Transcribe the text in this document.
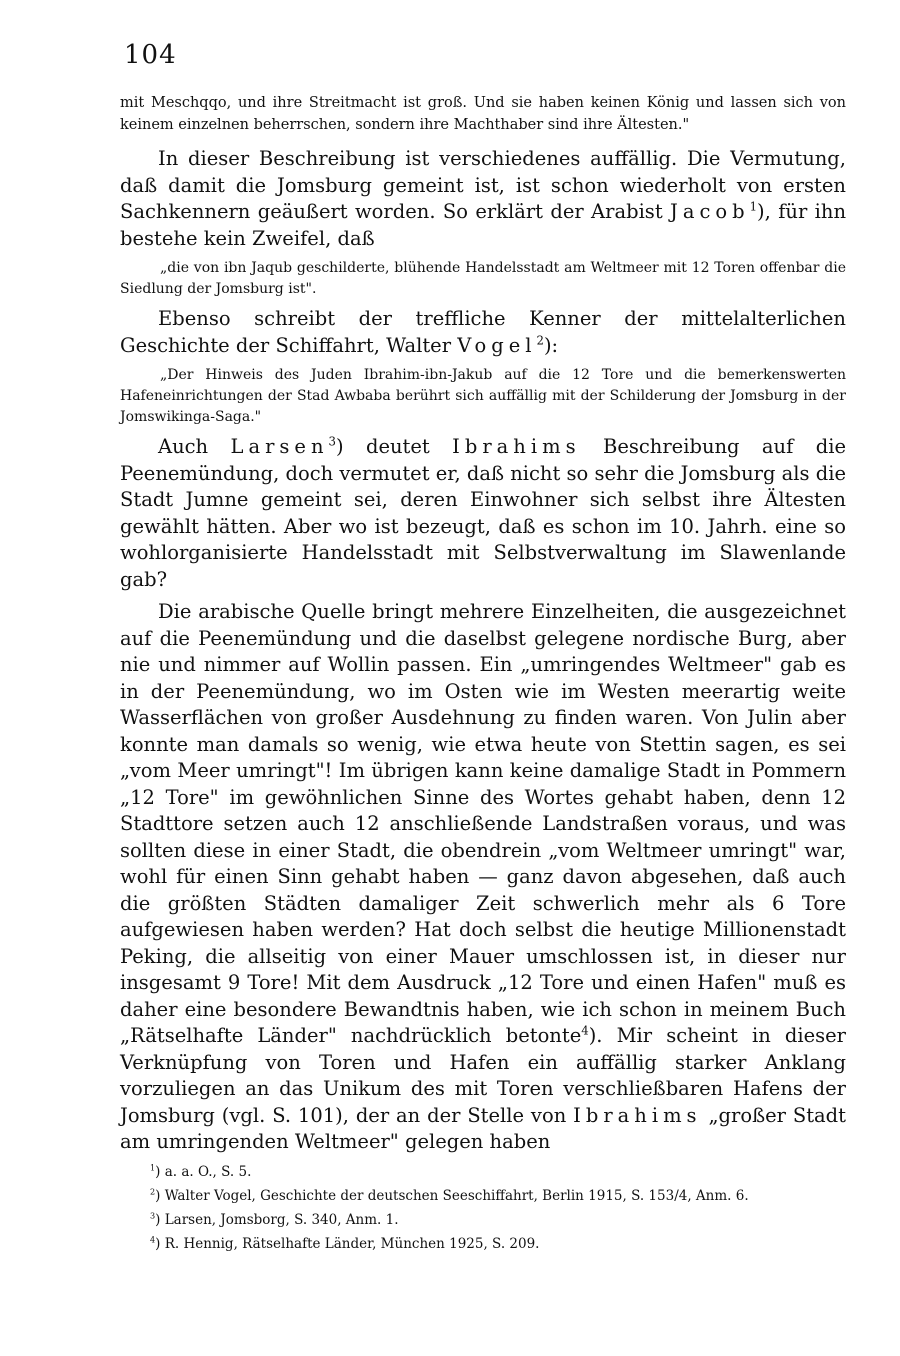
104
mit Meschqqo, und ihre Streitmacht ist groß. Und sie haben keinen König und lassen sich von keinem einzelnen beherrschen, sondern ihre Machthaber sind ihre Ältesten."

In dieser Beschreibung ist verschiedenes auffällig. Die Vermutung, daß damit die Jomsburg gemeint ist, ist schon wiederholt von ersten Sachkennern geäußert worden. So erklärt der Arabist Jacob$^1$), für ihn bestehe kein Zweifel, daß

„die von ibn Jaqub geschilderte, blühende Handelsstadt am Weltmeer mit 12 Toren offenbar die Siedlung der Jomsburg ist".

Ebenso schreibt der treffliche Kenner der mittelalterlichen Geschichte der Schiffahrt, Walter Vogel$^2$):

„Der Hinweis des Juden Ibrahim-ibn-Jakub auf die 12 Tore und die bemerkenswerten Hafeneinrichtungen der Stad Awbaba berührt sich auffällig mit der Schilderung der Jomsburg in der Jomswikinga-Saga."

Auch Larsen$^3$) deutet Ibrahims Beschreibung auf die Peenemündung, doch vermutet er, daß nicht so sehr die Jomsburg als die Stadt Jumne gemeint sei, deren Einwohner sich selbst ihre Ältesten gewählt hätten. Aber wo ist bezeugt, daß es schon im 10. Jahrh. eine so wohlorganisierte Handelsstadt mit Selbstverwaltung im Slawenlande gab?

Die arabische Quelle bringt mehrere Einzelheiten, die ausgezeichnet auf die Peenemündung und die daselbst gelegene nordische Burg, aber nie und nimmer auf Wollin passen. Ein „umringendes Weltmeer" gab es in der Peenemündung, wo im Osten wie im Westen meerartig weite Wasserflächen von großer Ausdehnung zu finden waren. Von Julin aber konnte man damals so wenig, wie etwa heute von Stettin sagen, es sei „vom Meer umringt"! Im übrigen kann keine damalige Stadt in Pommern „12 Tore" im gewöhnlichen Sinne des Wortes gehabt haben, denn 12 Stadttore setzen auch 12 anschließende Landstraßen voraus, und was sollten diese in einer Stadt, die obendrein „vom Weltmeer umringt" war, wohl für einen Sinn gehabt haben — ganz davon abgesehen, daß auch die größten Städten damaliger Zeit schwerlich mehr als 6 Tore aufgewiesen haben werden? Hat doch selbst die heutige Millionenstadt Peking, die allseitig von einer Mauer umschlossen ist, in dieser nur insgesamt 9 Tore! Mit dem Ausdruck „12 Tore und einen Hafen" muß es daher eine besondere Bewandtnis haben, wie ich schon in meinem Buch „Rätselhafte Länder" nachdrücklich betonte$^4$). Mir scheint in dieser Verknüpfung von Toren und Hafen ein auffällig starker Anklang vorzuliegen an das Unikum des mit Toren verschließbaren Hafens der Jomsburg (vgl. S. 101), der an der Stelle von Ibrahims „großer Stadt am umringenden Weltmeer" gelegen haben

$^1$) a. a. O., S. 5.
$^2$) Walter Vogel, Geschichte der deutschen Seeschiffahrt, Berlin 1915, S. 153/4, Anm. 6.
$^3$) Larsen, Jomsborg, S. 340, Anm. 1.
$^4$) R. Hennig, Rätselhafte Länder, München 1925, S. 209.
